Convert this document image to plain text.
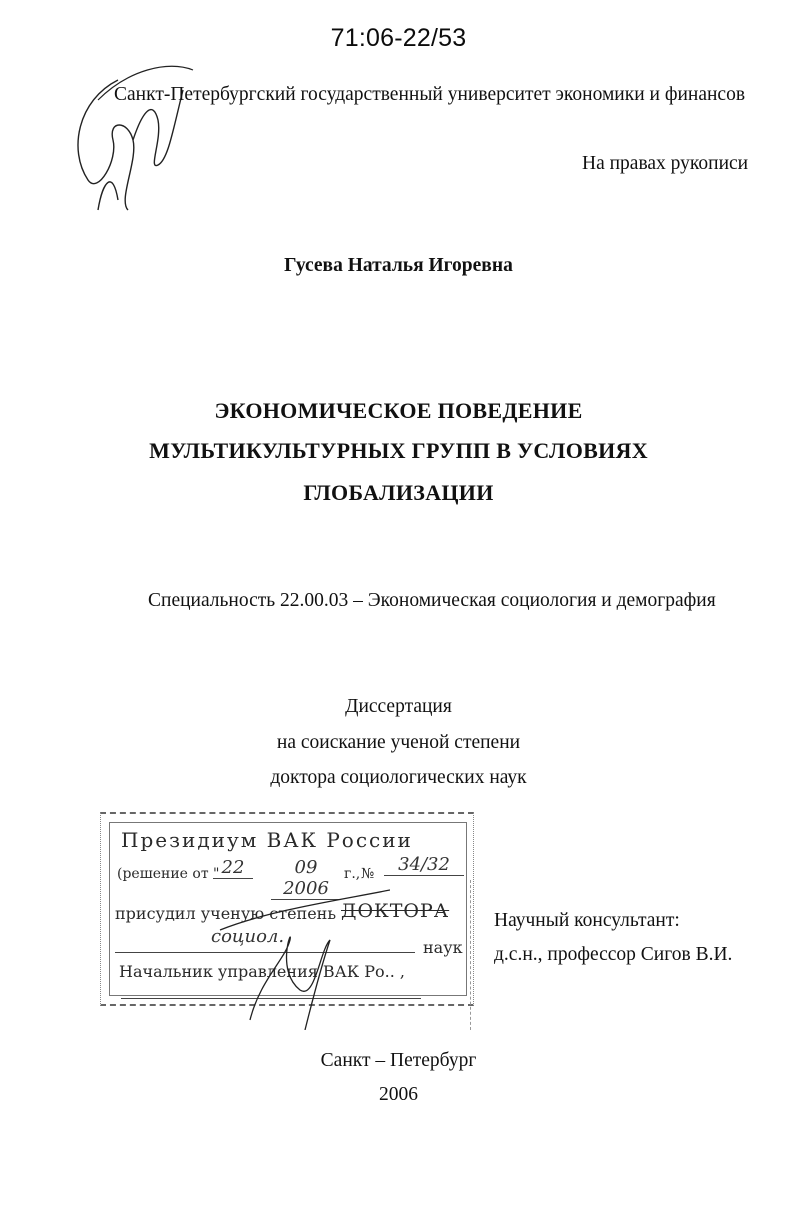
71:06-22/53
Санкт-Петербургский государственный университет экономики и финансов
На правах рукописи
Гусева Наталья Игоревна
ЭКОНОМИЧЕСКОЕ ПОВЕДЕНИЕ
МУЛЬТИКУЛЬТУРНЫХ ГРУПП В УСЛОВИЯХ
ГЛОБАЛИЗАЦИИ
Специальность 22.00.03 – Экономическая социология и демография
Диссертация
на соискание ученой степени
доктора социологических наук
Президиум ВАК России
(решение от " 22	09 2006
г., №	34/32
присудил ученую степень ДОКТОРА
социол.
наук
Начальник управления ВАК Ро.. ,
Научный консультант:
д.с.н., профессор Сигов В.И.
Санкт – Петербург
2006
